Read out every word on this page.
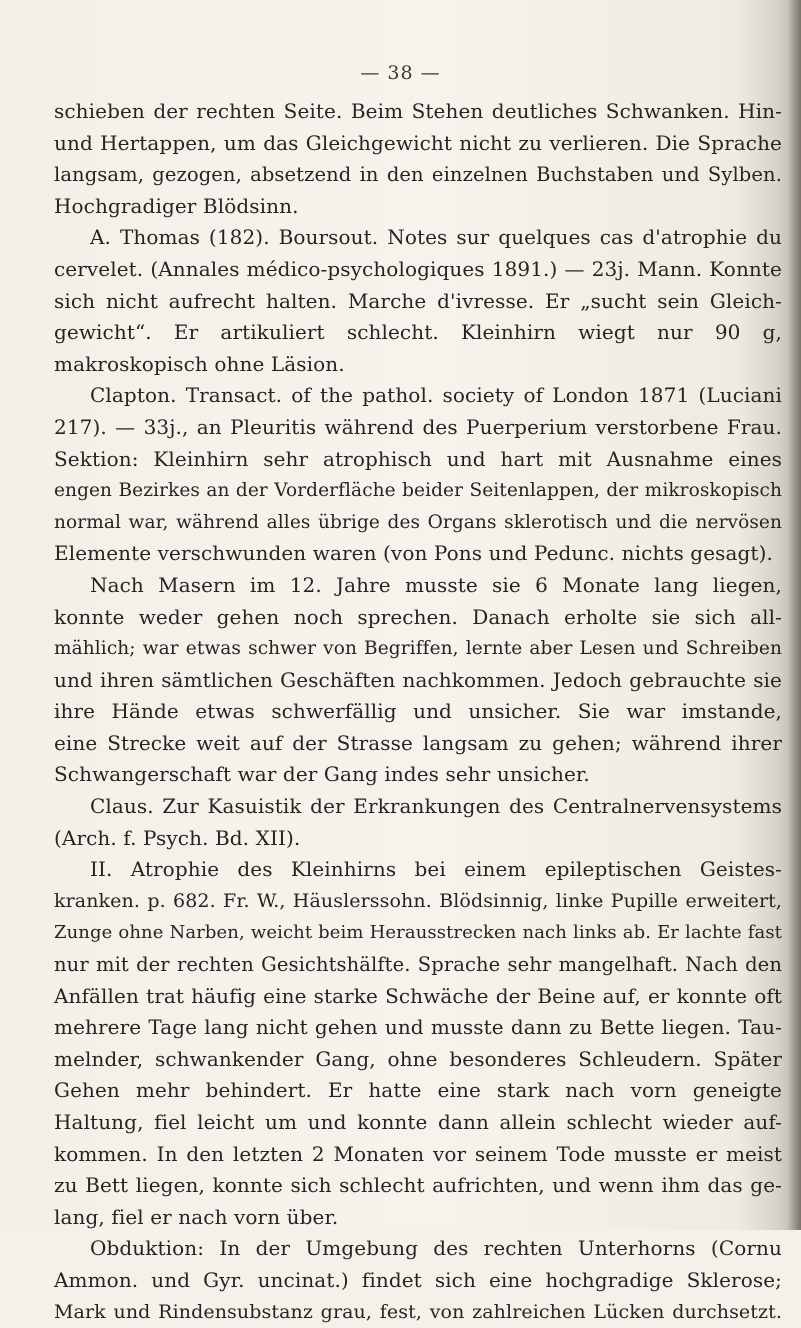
— 38 —
schieben der rechten Seite. Beim Stehen deutliches Schwanken. Hin-
und Hertappen, um das Gleichgewicht nicht zu verlieren. Die Sprache
langsam, gezogen, absetzend in den einzelnen Buchstaben und Sylben.
Hochgradiger Blödsinn.
A. Thomas (182). Boursout. Notes sur quelques cas d'atrophie du
cervelet. (Annales médico-psychologiques 1891.) — 23j. Mann. Konnte
sich nicht aufrecht halten. Marche d'ivresse. Er „sucht sein Gleich-
gewicht“. Er artikuliert schlecht. Kleinhirn wiegt nur 90 g,
makroskopisch ohne Läsion.
Clapton. Transact. of the pathol. society of London 1871 (Luciani
217). — 33j., an Pleuritis während des Puerperium verstorbene Frau.
Sektion: Kleinhirn sehr atrophisch und hart mit Ausnahme eines
engen Bezirkes an der Vorderfläche beider Seitenlappen, der mikroskopisch
normal war, während alles übrige des Organs sklerotisch und die nervösen
Elemente verschwunden waren (von Pons und Pedunc. nichts gesagt).
Nach Masern im 12. Jahre musste sie 6 Monate lang liegen,
konnte weder gehen noch sprechen. Danach erholte sie sich all-
mählich; war etwas schwer von Begriffen, lernte aber Lesen und Schreiben
und ihren sämtlichen Geschäften nachkommen. Jedoch gebrauchte sie
ihre Hände etwas schwerfällig und unsicher. Sie war imstande,
eine Strecke weit auf der Strasse langsam zu gehen; während ihrer
Schwangerschaft war der Gang indes sehr unsicher.
Claus. Zur Kasuistik der Erkrankungen des Centralnervensystems
(Arch. f. Psych. Bd. XII).
II. Atrophie des Kleinhirns bei einem epileptischen Geistes-
kranken. p. 682. Fr. W., Häuslerssohn. Blödsinnig, linke Pupille erweitert,
Zunge ohne Narben, weicht beim Herausstrecken nach links ab. Er lachte fast
nur mit der rechten Gesichtshälfte. Sprache sehr mangelhaft. Nach den
Anfällen trat häufig eine starke Schwäche der Beine auf, er konnte oft
mehrere Tage lang nicht gehen und musste dann zu Bette liegen. Tau-
melnder, schwankender Gang, ohne besonderes Schleudern. Später
Gehen mehr behindert. Er hatte eine stark nach vorn geneigte
Haltung, fiel leicht um und konnte dann allein schlecht wieder auf-
kommen. In den letzten 2 Monaten vor seinem Tode musste er meist
zu Bett liegen, konnte sich schlecht aufrichten, und wenn ihm das ge-
lang, fiel er nach vorn über.
Obduktion: In der Umgebung des rechten Unterhorns (Cornu
Ammon. und Gyr. uncinat.) findet sich eine hochgradige Sklerose;
Mark und Rindensubstanz grau, fest, von zahlreichen Lücken durchsetzt.
